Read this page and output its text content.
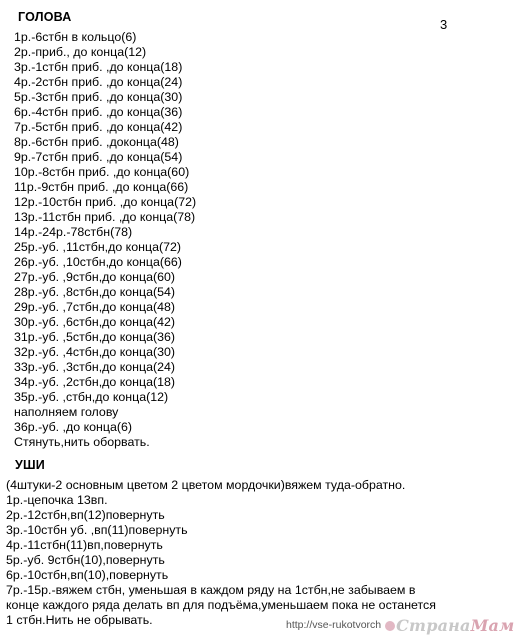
3
ГОЛОВА
1р.-6стбн в кольцо(6)
2р.-приб., до конца(12)
3р.-1стбн приб. ,до конца(18)
4р.-2стбн приб. ,до конца(24)
5р.-3стбн приб. ,до конца(30)
6р.-4стбн приб. ,до конца(36)
7р.-5стбн приб. ,до конца(42)
8р.-6стбн приб. ,доконца(48)
9р.-7стбн приб. ,до конца(54)
10р.-8стбн приб. ,до конца(60)
11р.-9стбн приб. ,до конца(66)
12р.-10стбн приб. ,до конца(72)
13р.-11стбн приб. ,до конца(78)
14р.-24р.-78стбн(78)
25р.-уб. ,11стбн,до конца(72)
26р.-уб. ,10стбн,до конца(66)
27р.-уб. ,9стбн,до конца(60)
28р.-уб. ,8стбн,до конца(54)
29р.-уб. ,7стбн,до конца(48)
30р.-уб. ,6стбн,до конца(42)
31р.-уб. ,5стбн,до конца(36)
32р.-уб. ,4стбн,до конца(30)
33р.-уб. ,3стбн,до конца(24)
34р.-уб. ,2стбн,до конца(18)
35р.-уб. ,стбн,до конца(12)
наполняем голову
36р.-уб. ,до конца(6)
Стянуть,нить оборвать.
УШИ
(4штуки-2 основным цветом 2 цветом мордочки)вяжем туда-обратно.
1р.-цепочка 13вп.
2р.-12стбн,вп(12)повернуть
3р.-10стбн уб. ,вп(11)повернуть
4р.-11стбн(11)вп,повернуть
5р.-уб. 9стбн(10),повернуть
6р.-10стбн,вп(10),повернуть
7р.-15р.-вяжем стбн, уменьшая в каждом ряду на 1стбн,не забываем в
конце каждого ряда делать вп для подъёма,уменьшаем пока не останется
1 стбн.Нить не обрывать.	http://vse-rukotvorch СтранаМам
